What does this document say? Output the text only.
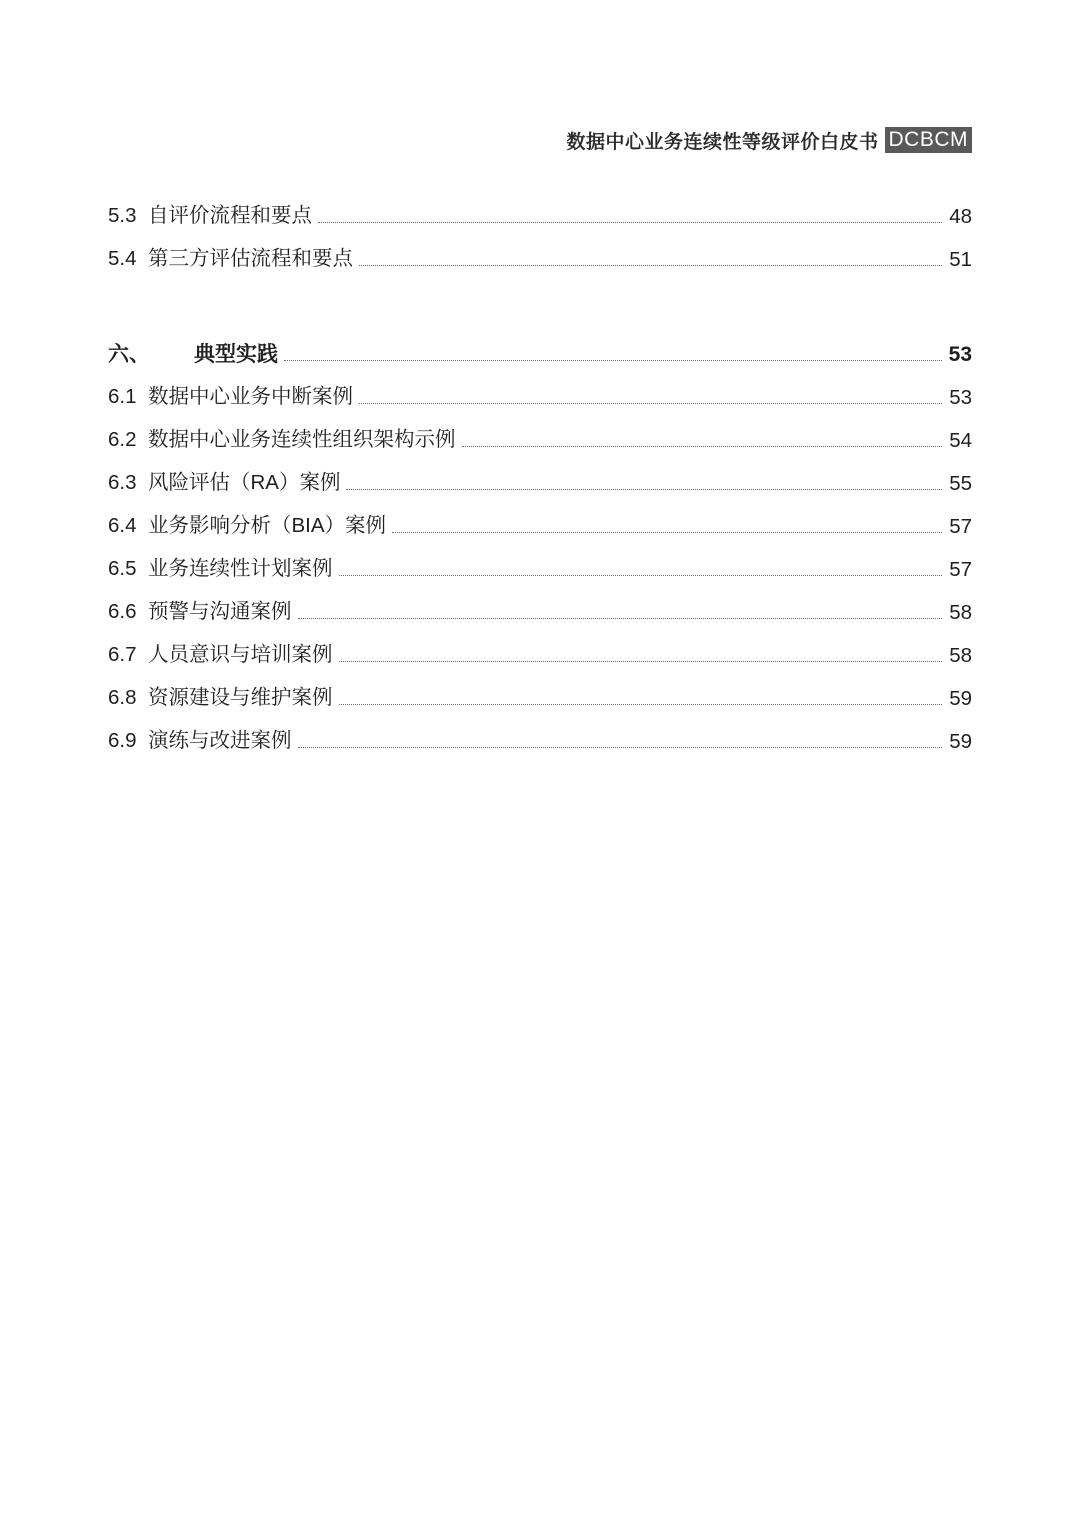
数据中心业务连续性等级评价白皮书 DCBCM
5.3 自评价流程和要点	48
5.4 第三方评估流程和要点	51
六、 典型实践	53
6.1 数据中心业务中断案例	53
6.2 数据中心业务连续性组织架构示例	54
6.3 风险评估（RA）案例	55
6.4 业务影响分析（BIA）案例	57
6.5 业务连续性计划案例	57
6.6 预警与沟通案例	58
6.7 人员意识与培训案例	58
6.8 资源建设与维护案例	59
6.9 演练与改进案例	59
